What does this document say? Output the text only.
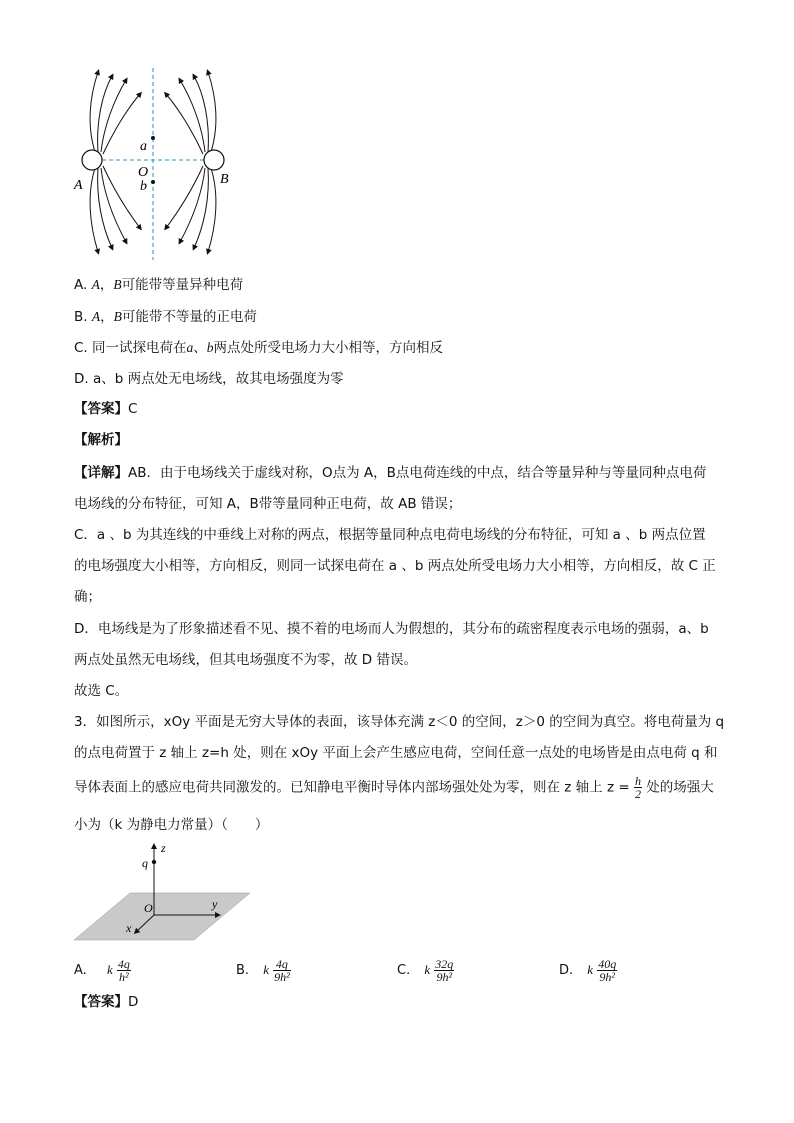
A	B
a
O
b
A. A，B可能带等量异种电荷
B. A，B可能带不等量的正电荷
C. 同一试探电荷在a、b两点处所受电场力大小相等，方向相反
D. a、b 两点处无电场线，故其电场强度为零
【答案】C
【解析】
【详解】AB．由于电场线关于虚线对称，O点为 A，B点电荷连线的中点，结合等量异种与等量同种点电荷
电场线的分布特征，可知 A，B带等量同种正电荷，故 AB 错误；
C．a 、b 为其连线的中垂线上对称的两点，根据等量同种点电荷电场线的分布特征，可知 a 、b 两点位置
的电场强度大小相等，方向相反，则同一试探电荷在 a 、b 两点处所受电场力大小相等，方向相反，故 C 正
确；
D．电场线是为了形象描述看不见、摸不着的电场而人为假想的，其分布的疏密程度表示电场的强弱，a、b
两点处虽然无电场线，但其电场强度不为零，故 D 错误。
故选 C。
3．如图所示，xOy 平面是无穷大导体的表面，该导体充满 z＜0 的空间，z＞0 的空间为真空。将电荷量为 q
的点电荷置于 z 轴上 z=h 处，则在 xOy 平面上会产生感应电荷，空间任意一点处的电场皆是由点电荷 q 和
导体表面上的感应电荷共同激发的。已知静电平衡时导体内部场强处处为零，则在 z 轴上 $z = \frac{h}{2}$ 处的场强大
小为（k 为静电力常量）（　　）
q
z
O	y
x
A. k $\frac{4q}{\text{h²}}$	B. k $\frac{4q}{\text{9h²}}$	C. k $\frac{32q}{\text{9h²}}$	D. k $\frac{40q}{\text{9h²}}$
【答案】D
